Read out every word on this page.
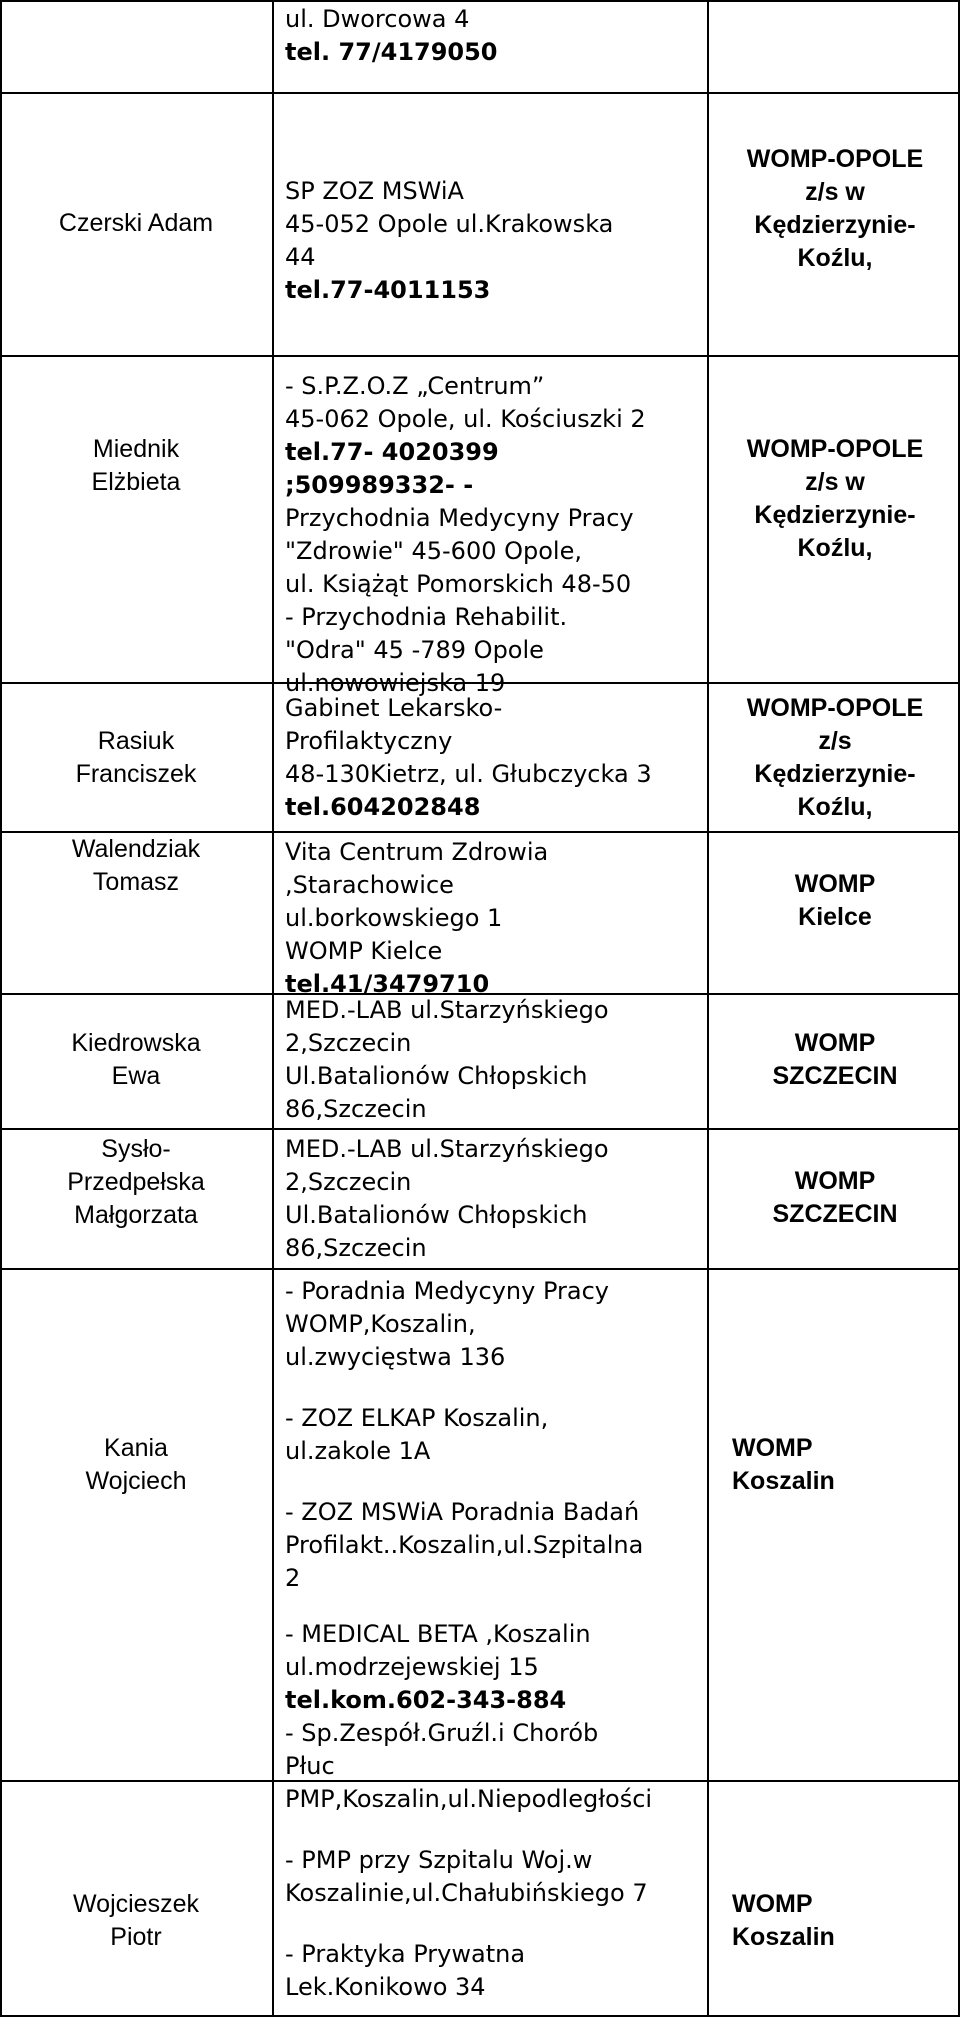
ul. Dworcowa 4
tel. 77/4179050
Czerski Adam
SP ZOZ MSWiA
45-052 Opole ul.Krakowska
44
tel.77-4011153
WOMP-OPOLE
z/s w
Kędzierzynie-
Koźlu,
Miednik
Elżbieta
- S.P.Z.O.Z „Centrum”
45-062 Opole, ul. Kościuszki 2
tel.77- 4020399
;509989332- -
Przychodnia Medycyny Pracy
"Zdrowie" 45-600 Opole,
ul. Książąt Pomorskich 48-50
- Przychodnia Rehabilit.
"Odra" 45 -789 Opole
ul.nowowiejska 19
WOMP-OPOLE
z/s w
Kędzierzynie-
Koźlu,
Rasiuk
Franciszek
Gabinet Lekarsko-
Profilaktyczny
48-130Kietrz, ul. Głubczycka 3
tel.604202848
WOMP-OPOLE
z/s
Kędzierzynie-
Koźlu,
Walendziak
Tomasz
Vita Centrum Zdrowia
,Starachowice
ul.borkowskiego 1
WOMP Kielce
tel.41/3479710
WOMP
Kielce
Kiedrowska
Ewa
MED.-LAB ul.Starzyńskiego
2,Szczecin
Ul.Batalionów Chłopskich
86,Szczecin
WOMP
SZCZECIN
Sysło-
Przedpełska
Małgorzata
MED.-LAB ul.Starzyńskiego
2,Szczecin
Ul.Batalionów Chłopskich
86,Szczecin
WOMP
SZCZECIN
Kania
Wojciech
- Poradnia Medycyny Pracy
WOMP,Koszalin,
ul.zwycięstwa 136
- ZOZ ELKAP Koszalin,
ul.zakole 1A
- ZOZ MSWiA Poradnia Badań
Profilakt..Koszalin,ul.Szpitalna
2
WOMP
Koszalin
Wojcieszek
Piotr
- MEDICAL BETA ,Koszalin
ul.modrzejewskiej 15
tel.kom.602-343-884
- Sp.Zespół.Gruźl.i Chorób
Płuc
PMP,Koszalin,ul.Niepodległości
- PMP przy Szpitalu Woj.w
Koszalinie,ul.Chałubińskiego 7
- Praktyka Prywatna
Lek.Konikowo 34
WOMP
Koszalin
